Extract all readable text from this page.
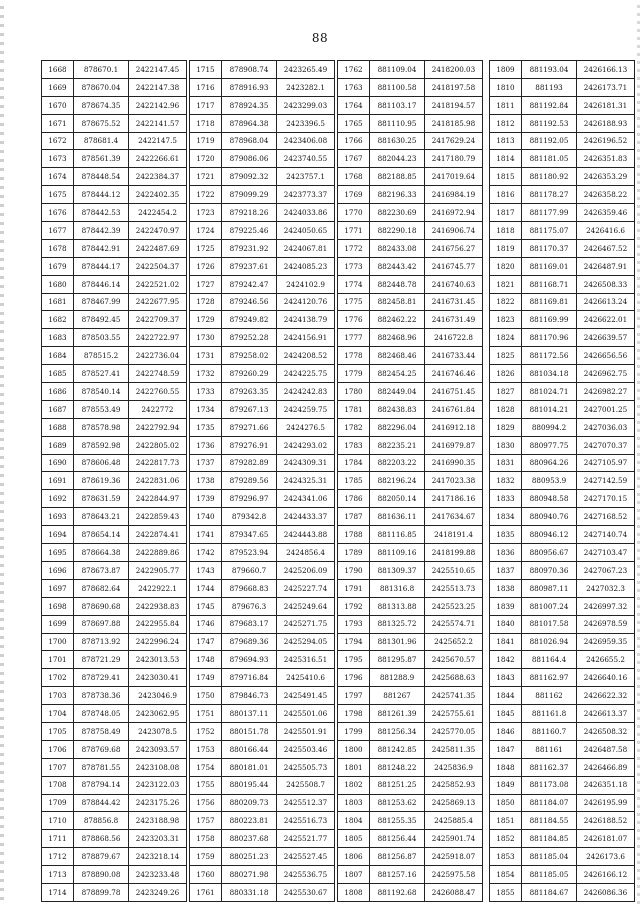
88
1668	878670.1	2422147.45
1669	878670.04	2422147.38
1670	878674.35	2422142.96
1671	878675.52	2422141.57
1672	878681.4	2422147.5
1673	878561.39	2422266.61
1674	878448.54	2422384.37
1675	878444.12	2422402.35
1676	878442.53	2422454.2
1677	878442.39	2422470.97
1678	878442.91	2422487.69
1679	878444.17	2422504.37
1680	878446.14	2422521.02
1681	878467.99	2422677.95
1682	878492.45	2422709.37
1683	878503.55	2422722.97
1684	878515.2	2422736.04
1685	878527.41	2422748.59
1686	878540.14	2422760.55
1687	878553.49	2422772
1688	878578.98	2422792.94
1689	878592.98	2422805.02
1690	878606.48	2422817.73
1691	878619.36	2422831.06
1692	878631.59	2422844.97
1693	878643.21	2422859.43
1694	878654.14	2422874.41
1695	878664.38	2422889.86
1696	878673.87	2422905.77
1697	878682.64	2422922.1
1698	878690.68	2422938.83
1699	878697.88	2422955.84
1700	878713.92	2422996.24
1701	878721.29	2423013.53
1702	878729.41	2423030.41
1703	878738.36	2423046.9
1704	878748.05	2423062.95
1705	878758.49	2423078.5
1706	878769.68	2423093.57
1707	878781.55	2423108.08
1708	878794.14	2423122.03
1709	878844.42	2423175.26
1710	878856.8	2423188.98
1711	878868.56	2423203.31
1712	878879.67	2423218.14
1713	878890.08	2423233.48
1714	878899.78	2423249.26
1715	878908.74	2423265.49
1716	878916.93	2423282.1
1717	878924.35	2423299.03
1718	878964.38	2423396.5
1719	878968.04	2423406.08
1720	879086.06	2423740.55
1721	879092.32	2423757.1
1722	879099.29	2423773.37
1723	879218.26	2424033.86
1724	879225.46	2424050.65
1725	879231.92	2424067.81
1726	879237.61	2424085.23
1727	879242.47	2424102.9
1728	879246.56	2424120.76
1729	879249.82	2424138.79
1730	879252.28	2424156.91
1731	879258.02	2424208.52
1732	879260.29	2424225.75
1733	879263.35	2424242.83
1734	879267.13	2424259.75
1735	879271.66	2424276.5
1736	879276.91	2424293.02
1737	879282.89	2424309.31
1738	879289.56	2424325.31
1739	879296.97	2424341.06
1740	879342.8	2424433.37
1741	879347.65	2424443.88
1742	879523.94	2424856.4
1743	879660.7	2425206.09
1744	879668.83	2425227.74
1745	879676.3	2425249.64
1746	879683.17	2425271.75
1747	879689.36	2425294.05
1748	879694.93	2425316.51
1749	879716.84	2425410.6
1750	879846.73	2425491.45
1751	880137.11	2425501.06
1752	880151.78	2425501.91
1753	880166.44	2425503.46
1754	880181.01	2425505.73
1755	880195.44	2425508.7
1756	880209.73	2425512.37
1757	880223.81	2425516.73
1758	880237.68	2425521.77
1759	880251.23	2425527.45
1760	880271.98	2425536.75
1761	880331.18	2425530.67
1762	881109.04	2418200.03
1763	881100.58	2418197.58
1764	881103.17	2418194.57
1765	881110.95	2418185.98
1766	881630.25	2417629.24
1767	882044.23	2417180.79
1768	882188.85	2417019.64
1769	882196.33	2416984.19
1770	882230.69	2416972.94
1771	882290.18	2416906.74
1772	882433.08	2416756.27
1773	882443.42	2416745.77
1774	882448.78	2416740.63
1775	882458.81	2416731.45
1776	882462.22	2416731.49
1777	882468.96	2416722.8
1778	882468.46	2416733.44
1779	882454.25	2416746.46
1780	882449.04	2416751.45
1781	882438.83	2416761.84
1782	882296.04	2416912.18
1783	882235.21	2416979.87
1784	882203.22	2416990.35
1785	882196.24	2417023.38
1786	882050.14	2417186.16
1787	881636.11	2417634.67
1788	881116.85	2418191.4
1789	881109.16	2418199.88
1790	881309.37	2425510.65
1791	881316.8	2425513.73
1792	881313.88	2425523.25
1793	881325.72	2425574.71
1794	881301.96	2425652.2
1795	881295.87	2425670.57
1796	881288.9	2425688.63
1797	881267	2425741.35
1798	881261.39	2425755.61
1799	881256.34	2425770.05
1800	881242.85	2425811.35
1801	881248.22	2425836.9
1802	881251.25	2425852.93
1803	881253.62	2425869.13
1804	881255.35	2425885.4
1805	881256.44	2425901.74
1806	881256.87	2425918.07
1807	881257.16	2425975.58
1808	881192.68	2426088.47
1809	881193.04	2426166.13
1810	881193	2426173.71
1811	881192.84	2426181.31
1812	881192.53	2426188.93
1813	881192.05	2426196.52
1814	881181.05	2426351.83
1815	881180.92	2426353.29
1816	881178.27	2426358.22
1817	881177.99	2426359.46
1818	881175.07	2426416.6
1819	881170.37	2426467.52
1820	881169.01	2426487.91
1821	881168.71	2426508.33
1822	881169.81	2426613.24
1823	881169.99	2426622.01
1824	881170.96	2426639.57
1825	881172.56	2426656.56
1826	881034.18	2426962.75
1827	881024.71	2426982.27
1828	881014.21	2427001.25
1829	880994.2	2427036.03
1830	880977.75	2427070.37
1831	880964.26	2427105.97
1832	880953.9	2427142.59
1833	880948.58	2427170.15
1834	880940.76	2427168.52
1835	880946.12	2427140.74
1836	880956.67	2427103.47
1837	880970.36	2427067.23
1838	880987.11	2427032.3
1839	881007.24	2426997.32
1840	881017.58	2426978.59
1841	881026.94	2426959.35
1842	881164.4	2426655.2
1843	881162.97	2426640.16
1844	881162	2426622.32
1845	881161.8	2426613.37
1846	881160.7	2426508.32
1847	881161	2426487.58
1848	881162.37	2426466.89
1849	881173.08	2426351.18
1850	881184.07	2426195.99
1851	881184.55	2426188.52
1852	881184.85	2426181.07
1853	881185.04	2426173.6
1854	881185.05	2426166.12
1855	881184.67	2426086.36
